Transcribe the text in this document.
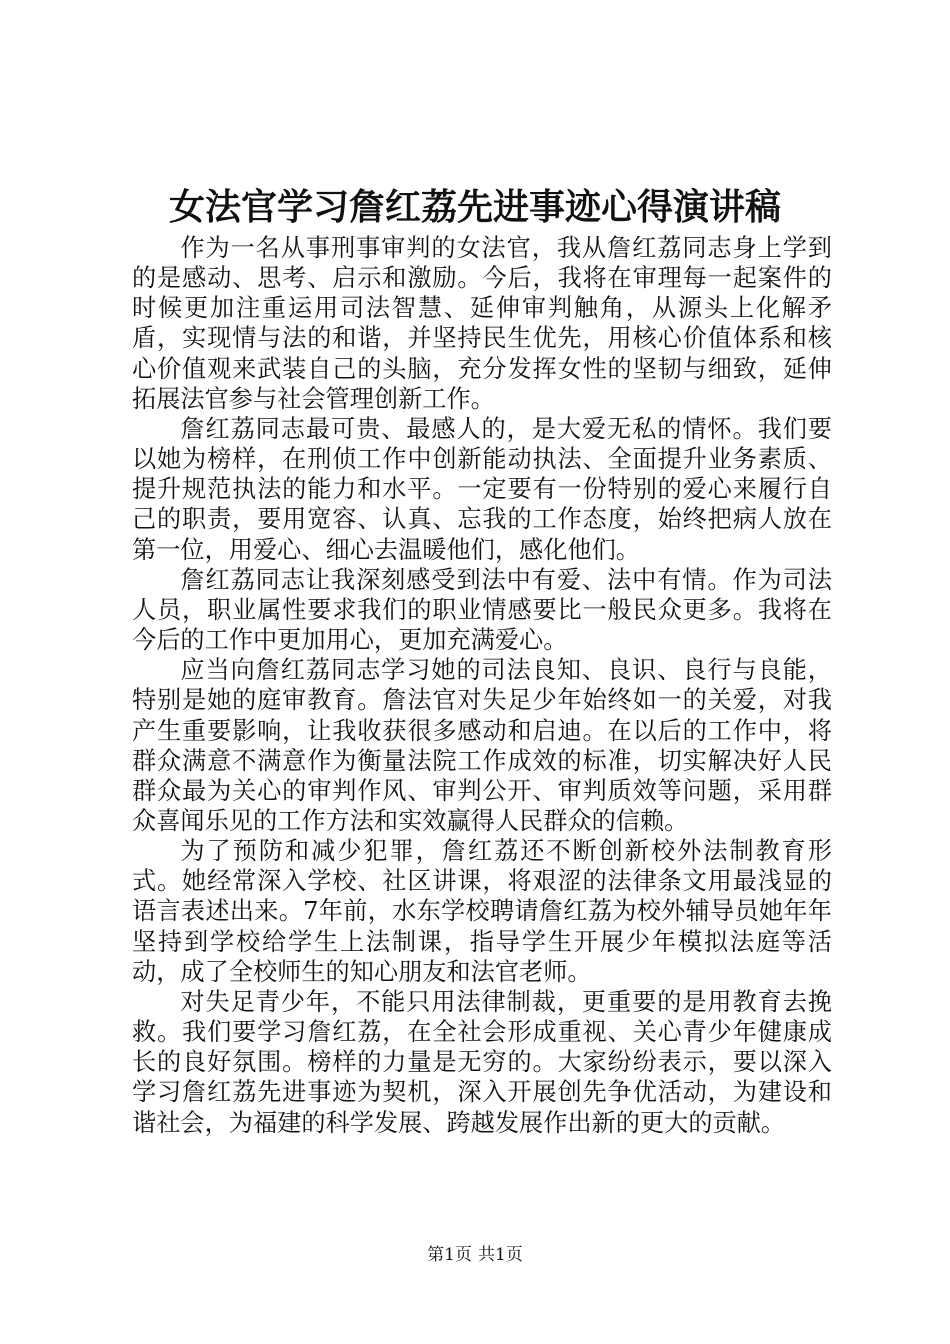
女法官学习詹红荔先进事迹心得演讲稿

作为一名从事刑事审判的女法官，我从詹红荔同志身上学到的是感动、思考、启示和激励。今后，我将在审理每一起案件的时候更加注重运用司法智慧、延伸审判触角，从源头上化解矛盾，实现情与法的和谐，并坚持民生优先，用核心价值体系和核心价值观来武装自己的头脑，充分发挥女性的坚韧与细致，延伸拓展法官参与社会管理创新工作。

詹红荔同志最可贵、最感人的，是大爱无私的情怀。我们要以她为榜样，在刑侦工作中创新能动执法、全面提升业务素质、提升规范执法的能力和水平。一定要有一份特别的爱心来履行自己的职责，要用宽容、认真、忘我的工作态度，始终把病人放在第一位，用爱心、细心去温暖他们，感化他们。

詹红荔同志让我深刻感受到法中有爱、法中有情。作为司法人员，职业属性要求我们的职业情感要比一般民众更多。我将在今后的工作中更加用心，更加充满爱心。

应当向詹红荔同志学习她的司法良知、良识、良行与良能，特别是她的庭审教育。詹法官对失足少年始终如一的关爱，对我产生重要影响，让我收获很多感动和启迪。在以后的工作中，将群众满意不满意作为衡量法院工作成效的标准，切实解决好人民群众最为关心的审判作风、审判公开、审判质效等问题，采用群众喜闻乐见的工作方法和实效赢得人民群众的信赖。

为了预防和减少犯罪，詹红荔还不断创新校外法制教育形式。她经常深入学校、社区讲课，将艰涩的法律条文用最浅显的语言表述出来。7年前，水东学校聘请詹红荔为校外辅导员她年年坚持到学校给学生上法制课，指导学生开展少年模拟法庭等活动，成了全校师生的知心朋友和法官老师。

对失足青少年，不能只用法律制裁，更重要的是用教育去挽救。我们要学习詹红荔，在全社会形成重视、关心青少年健康成长的良好氛围。榜样的力量是无穷的。大家纷纷表示，要以深入学习詹红荔先进事迹为契机，深入开展创先争优活动，为建设和谐社会，为福建的科学发展、跨越发展作出新的更大的贡献。

第1页 共1页
